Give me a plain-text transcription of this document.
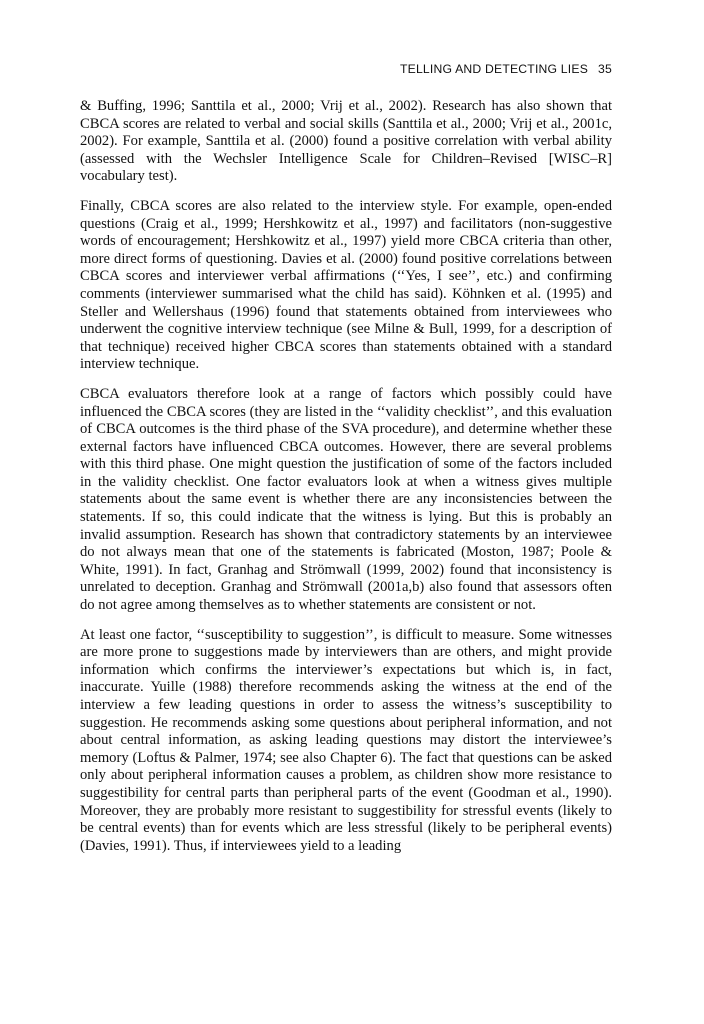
TELLING AND DETECTING LIES 35

& Buffing, 1996; Santtila et al., 2000; Vrij et al., 2002). Research has also shown that CBCA scores are related to verbal and social skills (Santtila et al., 2000; Vrij et al., 2001c, 2002). For example, Santtila et al. (2000) found a positive correlation with verbal ability (assessed with the Wechsler Intelligence Scale for Children–Revised [WISC–R] vocabulary test).

Finally, CBCA scores are also related to the interview style. For example, open-ended questions (Craig et al., 1999; Hershkowitz et al., 1997) and facilitators (non-suggestive words of encouragement; Hershkowitz et al., 1997) yield more CBCA criteria than other, more direct forms of questioning. Davies et al. (2000) found positive correlations between CBCA scores and interviewer verbal affirmations (‘‘Yes, I see’’, etc.) and confirming comments (interviewer summarised what the child has said). Köhnken et al. (1995) and Steller and Wellershaus (1996) found that statements obtained from interviewees who underwent the cognitive interview technique (see Milne & Bull, 1999, for a description of that technique) received higher CBCA scores than statements obtained with a standard interview technique.

CBCA evaluators therefore look at a range of factors which possibly could have influenced the CBCA scores (they are listed in the ‘‘validity checklist’’, and this evaluation of CBCA outcomes is the third phase of the SVA procedure), and determine whether these external factors have influenced CBCA outcomes. However, there are several problems with this third phase. One might question the justification of some of the factors included in the validity checklist. One factor evaluators look at when a witness gives multiple statements about the same event is whether there are any inconsistencies between the statements. If so, this could indicate that the witness is lying. But this is probably an invalid assumption. Research has shown that contradictory statements by an interviewee do not always mean that one of the statements is fabricated (Moston, 1987; Poole & White, 1991). In fact, Granhag and Strömwall (1999, 2002) found that inconsistency is unrelated to deception. Granhag and Strömwall (2001a,b) also found that assessors often do not agree among themselves as to whether statements are consistent or not.

At least one factor, ‘‘susceptibility to suggestion’’, is difficult to measure. Some witnesses are more prone to suggestions made by interviewers than are others, and might provide information which confirms the interviewer’s expectations but which is, in fact, inaccurate. Yuille (1988) therefore recommends asking the witness at the end of the interview a few leading questions in order to assess the witness’s susceptibility to suggestion. He recommends asking some questions about peripheral information, and not about central information, as asking leading questions may distort the interviewee’s memory (Loftus & Palmer, 1974; see also Chapter 6). The fact that questions can be asked only about peripheral information causes a problem, as children show more resistance to suggestibility for central parts than peripheral parts of the event (Goodman et al., 1990). Moreover, they are probably more resistant to suggestibility for stressful events (likely to be central events) than for events which are less stressful (likely to be peripheral events) (Davies, 1991). Thus, if interviewees yield to a leading
